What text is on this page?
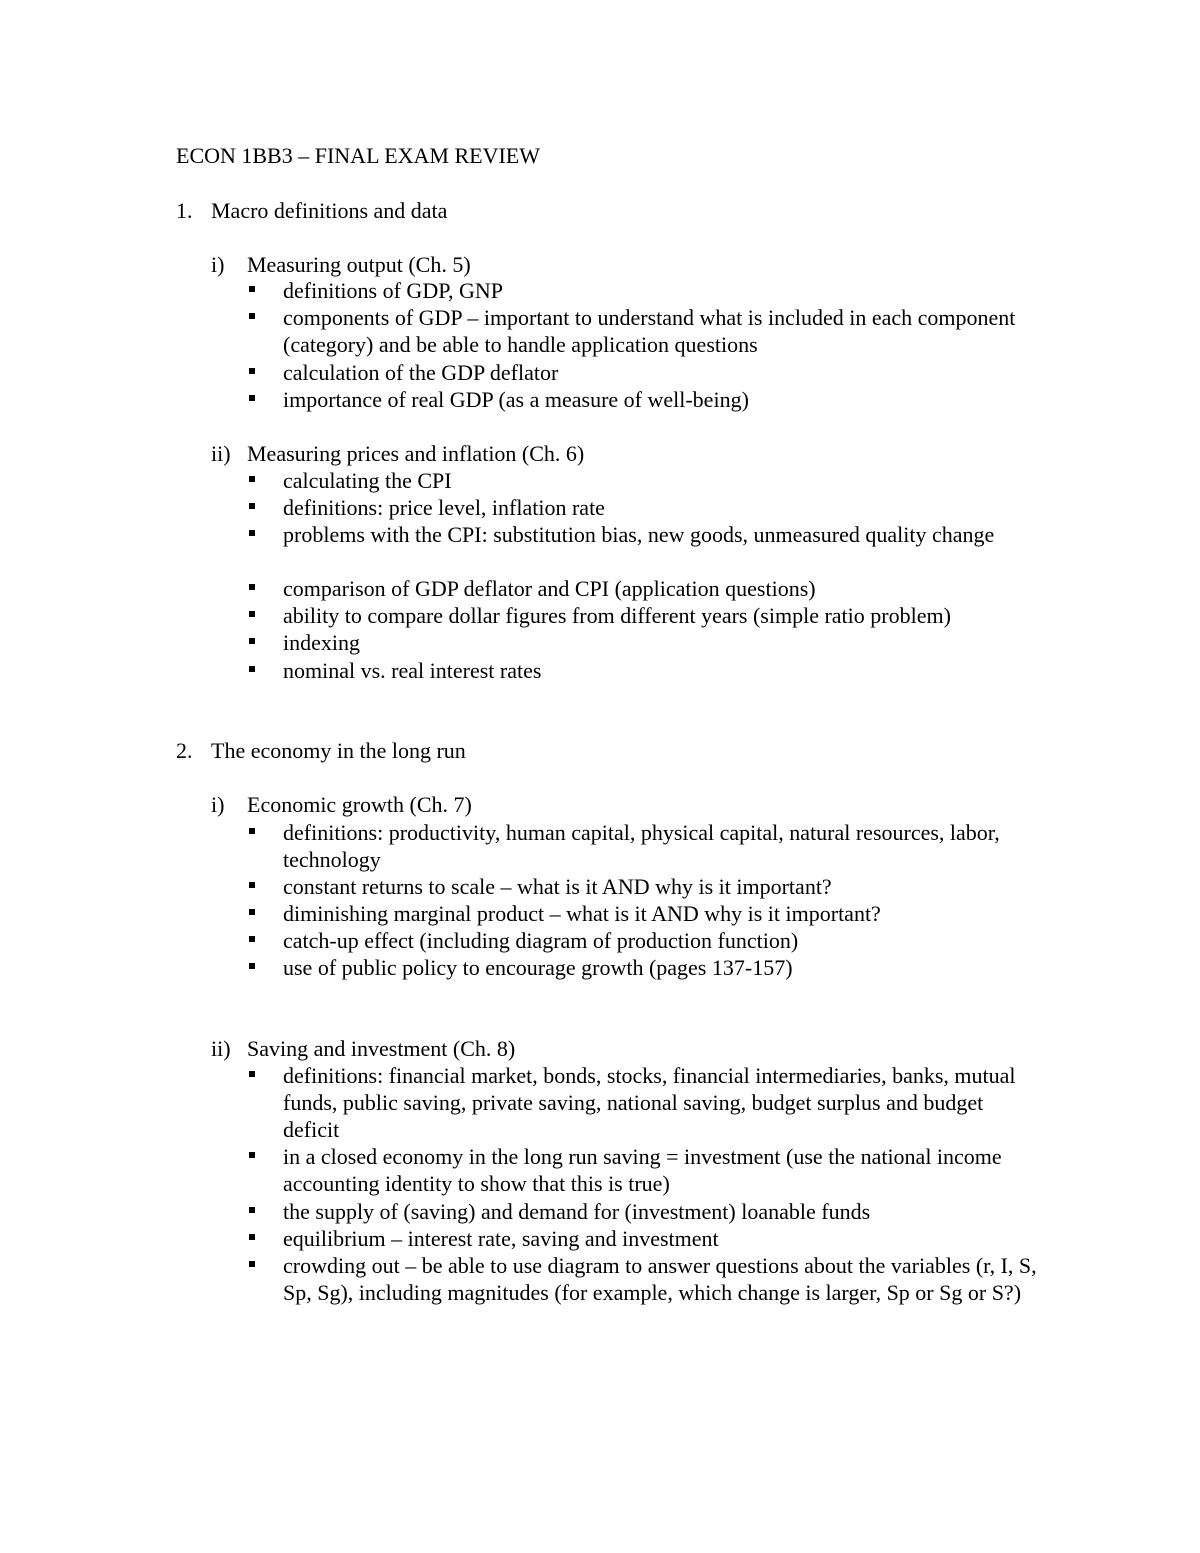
ECON 1BB3 – FINAL EXAM REVIEW
1. Macro definitions and data
i) Measuring output (Ch. 5)
definitions of GDP, GNP
components of GDP – important to understand what is included in each component (category) and be able to handle application questions
calculation of the GDP deflator
importance of real GDP (as a measure of well-being)
ii) Measuring prices and inflation (Ch. 6)
calculating the CPI
definitions: price level, inflation rate
problems with the CPI: substitution bias, new goods, unmeasured quality change
comparison of GDP deflator and CPI (application questions)
ability to compare dollar figures from different years (simple ratio problem)
indexing
nominal vs. real interest rates
2. The economy in the long run
i) Economic growth (Ch. 7)
definitions: productivity, human capital, physical capital, natural resources, labor, technology
constant returns to scale – what is it AND why is it important?
diminishing marginal product – what is it AND why is it important?
catch-up effect (including diagram of production function)
use of public policy to encourage growth (pages 137-157)
ii) Saving and investment (Ch. 8)
definitions: financial market, bonds, stocks, financial intermediaries, banks, mutual funds, public saving, private saving, national saving, budget surplus and budget deficit
in a closed economy in the long run saving = investment (use the national income accounting identity to show that this is true)
the supply of (saving) and demand for (investment) loanable funds
equilibrium – interest rate, saving and investment
crowding out – be able to use diagram to answer questions about the variables (r, I, S, Sp, Sg), including magnitudes (for example, which change is larger, Sp or Sg or S?)
